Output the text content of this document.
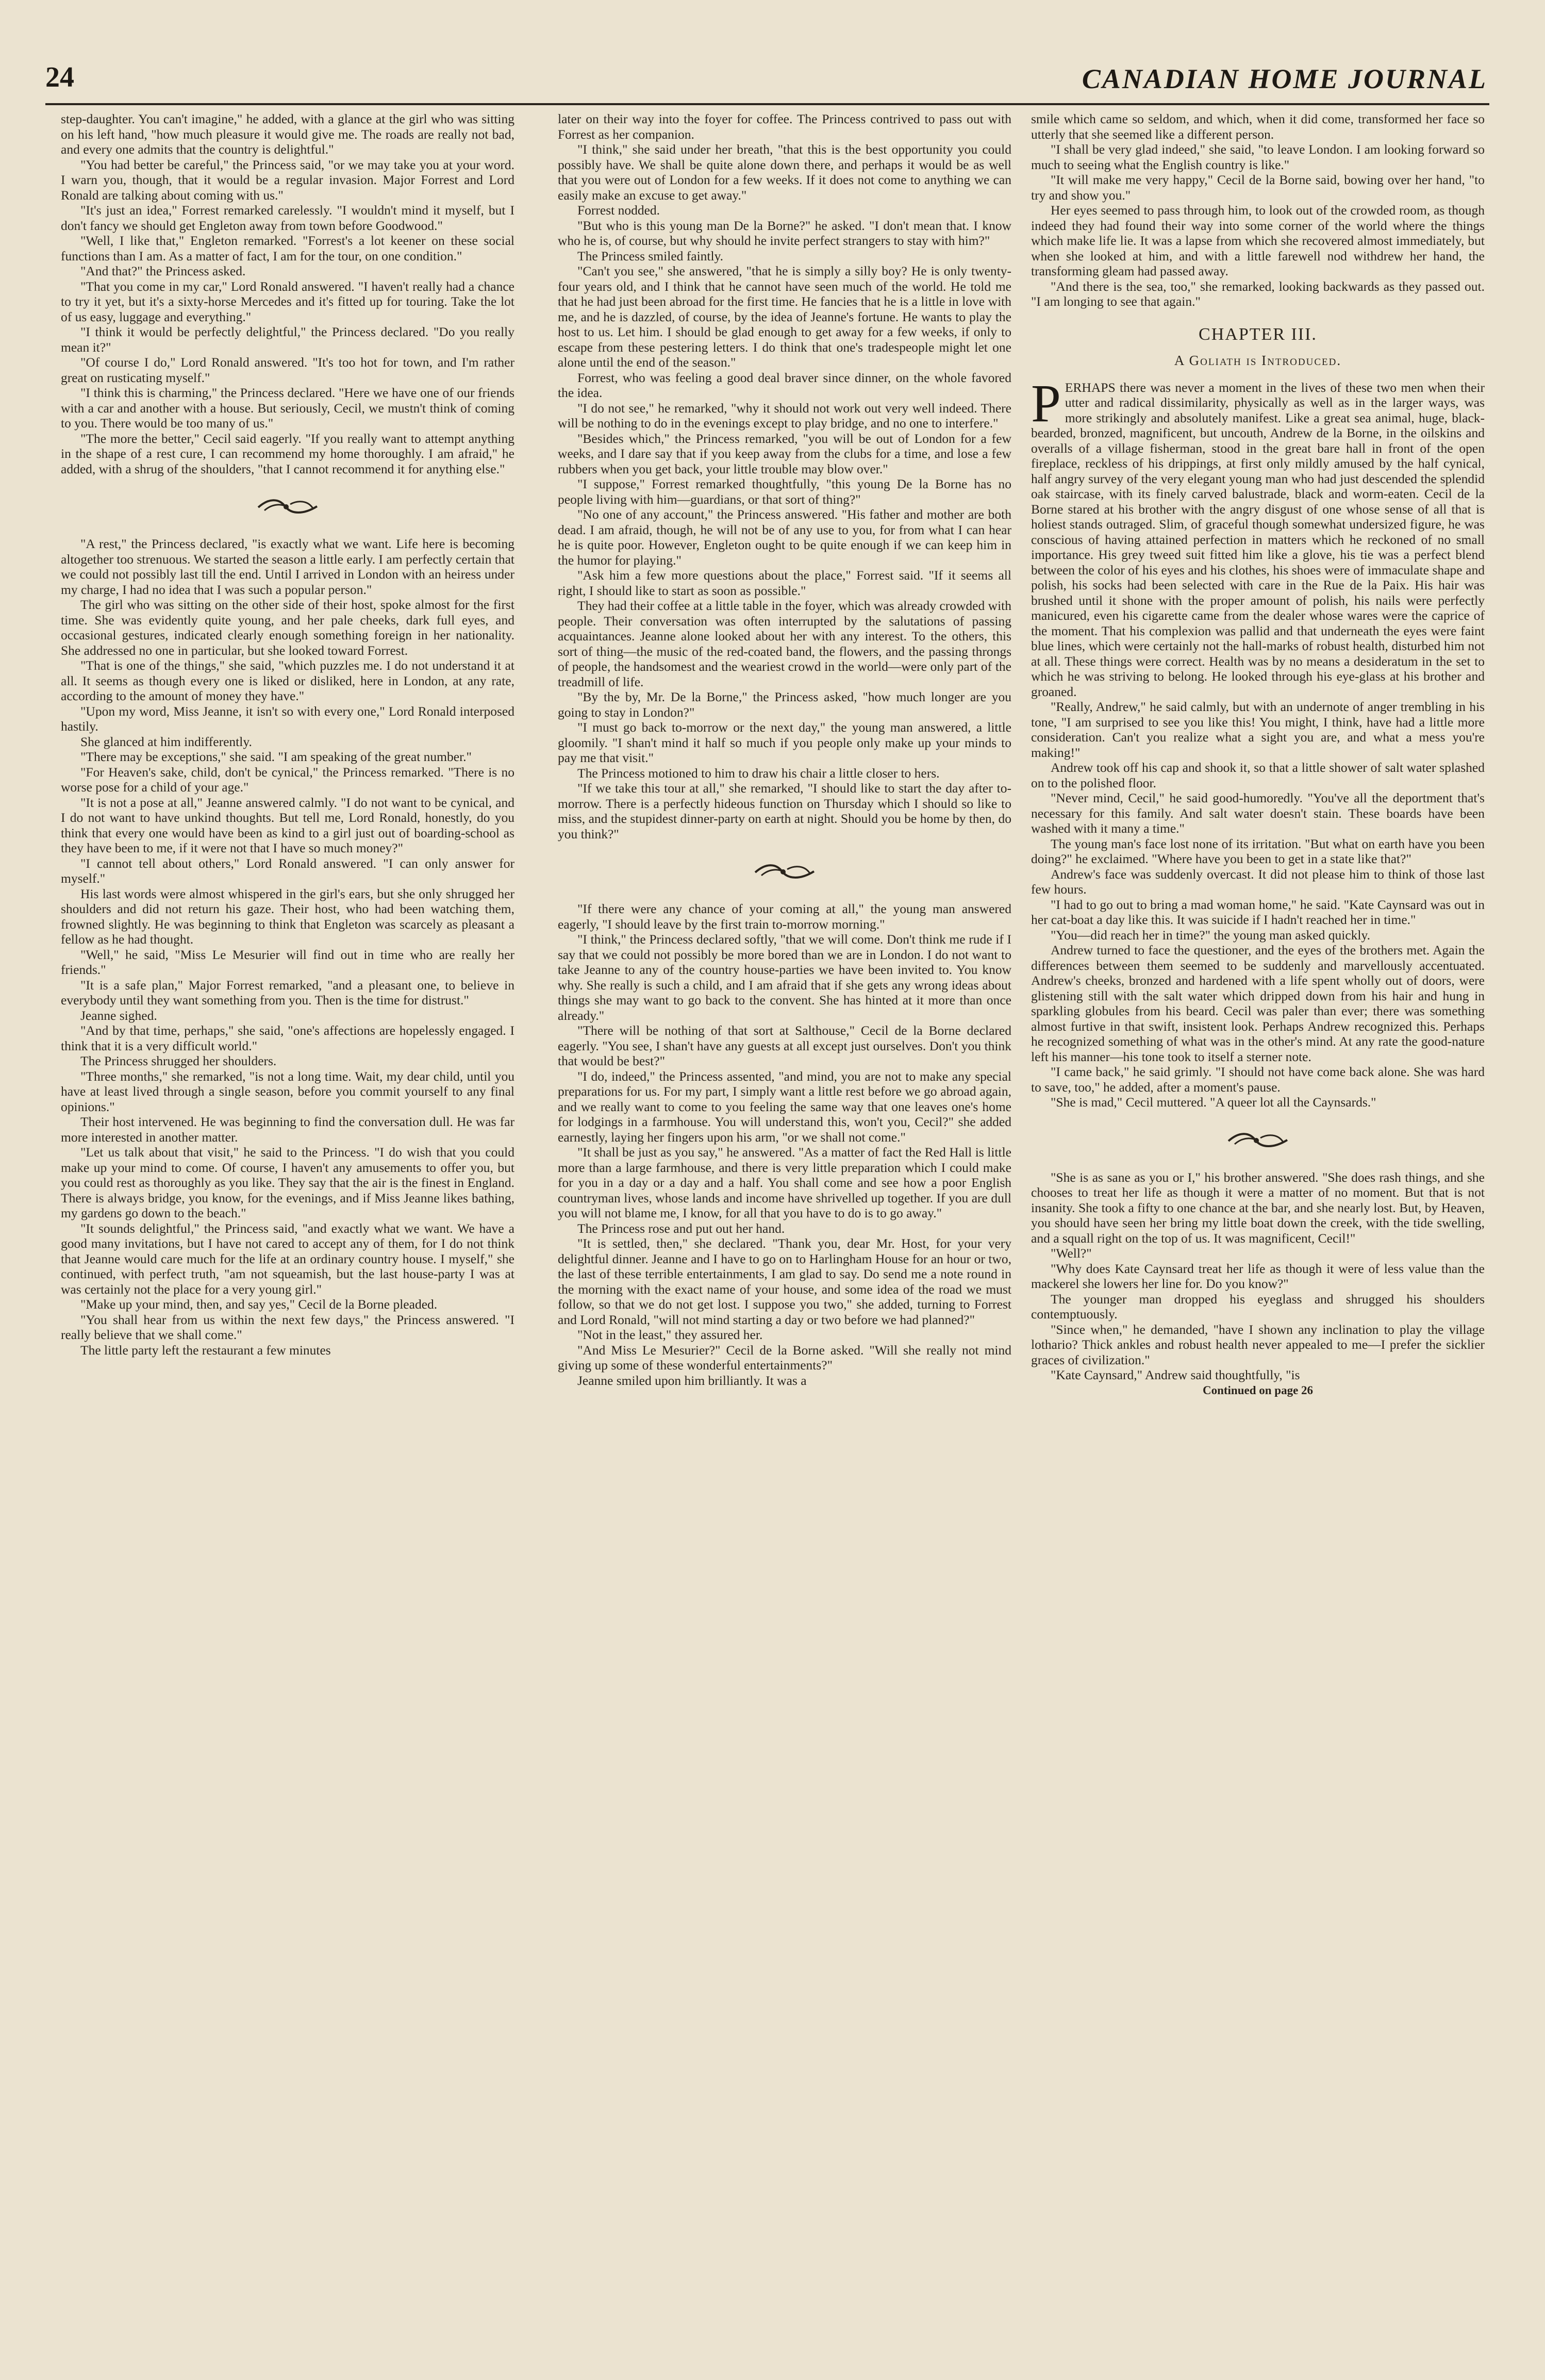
24	CANADIAN HOME JOURNAL

step-daughter. You can't imagine," he added, with a glance at the girl who was sitting on his left hand, "how much pleasure it would give me. The roads are really not bad, and every one admits that the country is delightful."

"You had better be careful," the Princess said, "or we may take you at your word. I warn you, though, that it would be a regular invasion. Major Forrest and Lord Ronald are talking about coming with us."

"It's just an idea," Forrest remarked carelessly. "I wouldn't mind it myself, but I don't fancy we should get Engleton away from town before Goodwood."

"Well, I like that," Engleton remarked. "Forrest's a lot keener on these social functions than I am. As a matter of fact, I am for the tour, on one condition."

"And that?" the Princess asked.

"That you come in my car," Lord Ronald answered. "I haven't really had a chance to try it yet, but it's a sixty-horse Mercedes and it's fitted up for touring. Take the lot of us easy, luggage and everything."

"I think it would be perfectly delightful," the Princess declared. "Do you really mean it?"

"Of course I do," Lord Ronald answered. "It's too hot for town, and I'm rather great on rusticating myself."

"I think this is charming," the Princess declared. "Here we have one of our friends with a car and another with a house. But seriously, Cecil, we mustn't think of coming to you. There would be too many of us."

"The more the better," Cecil said eagerly. "If you really want to attempt anything in the shape of a rest cure, I can recommend my home thoroughly. I am afraid," he added, with a shrug of the shoulders, "that I cannot recommend it for anything else."

"A rest," the Princess declared, "is exactly what we want. Life here is becoming altogether too strenuous. We started the season a little early. I am perfectly certain that we could not possibly last till the end. Until I arrived in London with an heiress under my charge, I had no idea that I was such a popular person."

The girl who was sitting on the other side of their host, spoke almost for the first time. She was evidently quite young, and her pale cheeks, dark full eyes, and occasional gestures, indicated clearly enough something foreign in her nationality. She addressed no one in particular, but she looked toward Forrest.

"That is one of the things," she said, "which puzzles me. I do not understand it at all. It seems as though every one is liked or disliked, here in London, at any rate, according to the amount of money they have."

"Upon my word, Miss Jeanne, it isn't so with every one," Lord Ronald interposed hastily.

She glanced at him indifferently.

"There may be exceptions," she said. "I am speaking of the great number."

"For Heaven's sake, child, don't be cynical," the Princess remarked. "There is no worse pose for a child of your age."

"It is not a pose at all," Jeanne answered calmly. "I do not want to be cynical, and I do not want to have unkind thoughts. But tell me, Lord Ronald, honestly, do you think that every one would have been as kind to a girl just out of boarding-school as they have been to me, if it were not that I have so much money?"

"I cannot tell about others," Lord Ronald answered. "I can only answer for myself."

His last words were almost whispered in the girl's ears, but she only shrugged her shoulders and did not return his gaze. Their host, who had been watching them, frowned slightly. He was beginning to think that Engleton was scarcely as pleasant a fellow as he had thought.

"Well," he said, "Miss Le Mesurier will find out in time who are really her friends."

"It is a safe plan," Major Forrest remarked, "and a pleasant one, to believe in everybody until they want something from you. Then is the time for distrust."

Jeanne sighed.

"And by that time, perhaps," she said, "one's affections are hopelessly engaged. I think that it is a very difficult world."

The Princess shrugged her shoulders.

"Three months," she remarked, "is not a long time. Wait, my dear child, until you have at least lived through a single season, before you commit yourself to any final opinions."

Their host intervened. He was beginning to find the conversation dull. He was far more interested in another matter.

"Let us talk about that visit," he said to the Princess. "I do wish that you could make up your mind to come. Of course, I haven't any amusements to offer you, but you could rest as thoroughly as you like. They say that the air is the finest in England. There is always bridge, you know, for the evenings, and if Miss Jeanne likes bathing, my gardens go down to the beach."

"It sounds delightful," the Princess said, "and exactly what we want. We have a good many invitations, but I have not cared to accept any of them, for I do not think that Jeanne would care much for the life at an ordinary country house. I myself," she continued, with perfect truth, "am not squeamish, but the last house-party I was at was certainly not the place for a very young girl."

"Make up your mind, then, and say yes," Cecil de la Borne pleaded.

"You shall hear from us within the next few days," the Princess answered. "I really believe that we shall come."

The little party left the restaurant a few minutes

later on their way into the foyer for coffee. The Princess contrived to pass out with Forrest as her companion.

"I think," she said under her breath, "that this is the best opportunity you could possibly have. We shall be quite alone down there, and perhaps it would be as well that you were out of London for a few weeks. If it does not come to anything we can easily make an excuse to get away."

Forrest nodded.

"But who is this young man De la Borne?" he asked. "I don't mean that. I know who he is, of course, but why should he invite perfect strangers to stay with him?"

The Princess smiled faintly.

"Can't you see," she answered, "that he is simply a silly boy? He is only twenty-four years old, and I think that he cannot have seen much of the world. He told me that he had just been abroad for the first time. He fancies that he is a little in love with me, and he is dazzled, of course, by the idea of Jeanne's fortune. He wants to play the host to us. Let him. I should be glad enough to get away for a few weeks, if only to escape from these pestering letters. I do think that one's tradespeople might let one alone until the end of the season."

Forrest, who was feeling a good deal braver since dinner, on the whole favored the idea.

"I do not see," he remarked, "why it should not work out very well indeed. There will be nothing to do in the evenings except to play bridge, and no one to interfere."

"Besides which," the Princess remarked, "you will be out of London for a few weeks, and I dare say that if you keep away from the clubs for a time, and lose a few rubbers when you get back, your little trouble may blow over."

"I suppose," Forrest remarked thoughtfully, "this young De la Borne has no people living with him—guardians, or that sort of thing?"

"No one of any account," the Princess answered. "His father and mother are both dead. I am afraid, though, he will not be of any use to you, for from what I can hear he is quite poor. However, Engleton ought to be quite enough if we can keep him in the humor for playing."

"Ask him a few more questions about the place," Forrest said. "If it seems all right, I should like to start as soon as possible."

They had their coffee at a little table in the foyer, which was already crowded with people. Their conversation was often interrupted by the salutations of passing acquaintances. Jeanne alone looked about her with any interest. To the others, this sort of thing—the music of the red-coated band, the flowers, and the passing throngs of people, the handsomest and the weariest crowd in the world—were only part of the treadmill of life.

"By the by, Mr. De la Borne," the Princess asked, "how much longer are you going to stay in London?"

"I must go back to-morrow or the next day," the young man answered, a little gloomily. "I shan't mind it half so much if you people only make up your minds to pay me that visit."

The Princess motioned to him to draw his chair a little closer to hers.

"If we take this tour at all," she remarked, "I should like to start the day after to-morrow. There is a perfectly hideous function on Thursday which I should so like to miss, and the stupidest dinner-party on earth at night. Should you be home by then, do you think?"

"If there were any chance of your coming at all," the young man answered eagerly, "I should leave by the first train to-morrow morning."

"I think," the Princess declared softly, "that we will come. Don't think me rude if I say that we could not possibly be more bored than we are in London. I do not want to take Jeanne to any of the country house-parties we have been invited to. You know why. She really is such a child, and I am afraid that if she gets any wrong ideas about things she may want to go back to the convent. She has hinted at it more than once already."

"There will be nothing of that sort at Salthouse," Cecil de la Borne declared eagerly. "You see, I shan't have any guests at all except just ourselves. Don't you think that would be best?"

"I do, indeed," the Princess assented, "and mind, you are not to make any special preparations for us. For my part, I simply want a little rest before we go abroad again, and we really want to come to you feeling the same way that one leaves one's home for lodgings in a farmhouse. You will understand this, won't you, Cecil?" she added earnestly, laying her fingers upon his arm, "or we shall not come."

"It shall be just as you say," he answered. "As a matter of fact the Red Hall is little more than a large farmhouse, and there is very little preparation which I could make for you in a day or a day and a half. You shall come and see how a poor English countryman lives, whose lands and income have shrivelled up together. If you are dull you will not blame me, I know, for all that you have to do is to go away."

The Princess rose and put out her hand.

"It is settled, then," she declared. "Thank you, dear Mr. Host, for your very delightful dinner. Jeanne and I have to go on to Harlingham House for an hour or two, the last of these terrible entertainments, I am glad to say. Do send me a note round in the morning with the exact name of your house, and some idea of the road we must follow, so that we do not get lost. I suppose you two," she added, turning to Forrest and Lord Ronald, "will not mind starting a day or two before we had planned?"

"Not in the least," they assured her.

"And Miss Le Mesurier?" Cecil de la Borne asked. "Will she really not mind giving up some of these wonderful entertainments?"

Jeanne smiled upon him brilliantly. It was a

smile which came so seldom, and which, when it did come, transformed her face so utterly that she seemed like a different person.

"I shall be very glad indeed," she said, "to leave London. I am looking forward so much to seeing what the English country is like."

"It will make me very happy," Cecil de la Borne said, bowing over her hand, "to try and show you."

Her eyes seemed to pass through him, to look out of the crowded room, as though indeed they had found their way into some corner of the world where the things which make life lie. It was a lapse from which she recovered almost immediately, but when she looked at him, and with a little farewell nod withdrew her hand, the transforming gleam had passed away.

"And there is the sea, too," she remarked, looking backwards as they passed out. "I am longing to see that again."

CHAPTER III.
A Goliath is Introduced.

PERHAPS there was never a moment in the lives of these two men when their utter and radical dissimilarity, physically as well as in the larger ways, was more strikingly and absolutely manifest. Like a great sea animal, huge, black-bearded, bronzed, magnificent, but uncouth, Andrew de la Borne, in the oilskins and overalls of a village fisherman, stood in the great bare hall in front of the open fireplace, reckless of his drippings, at first only mildly amused by the half cynical, half angry survey of the very elegant young man who had just descended the splendid oak staircase, with its finely carved balustrade, black and worm-eaten. Cecil de la Borne stared at his brother with the angry disgust of one whose sense of all that is holiest stands outraged. Slim, of graceful though somewhat undersized figure, he was conscious of having attained perfection in matters which he reckoned of no small importance. His grey tweed suit fitted him like a glove, his tie was a perfect blend between the color of his eyes and his clothes, his shoes were of immaculate shape and polish, his socks had been selected with care in the Rue de la Paix. His hair was brushed until it shone with the proper amount of polish, his nails were perfectly manicured, even his cigarette came from the dealer whose wares were the caprice of the moment. That his complexion was pallid and that underneath the eyes were faint blue lines, which were certainly not the hall-marks of robust health, disturbed him not at all. These things were correct. Health was by no means a desideratum in the set to which he was striving to belong. He looked through his eye-glass at his brother and groaned.

"Really, Andrew," he said calmly, but with an undernote of anger trembling in his tone, "I am surprised to see you like this! You might, I think, have had a little more consideration. Can't you realize what a sight you are, and what a mess you're making!"

Andrew took off his cap and shook it, so that a little shower of salt water splashed on to the polished floor.

"Never mind, Cecil," he said good-humoredly. "You've all the deportment that's necessary for this family. And salt water doesn't stain. These boards have been washed with it many a time."

The young man's face lost none of its irritation. "But what on earth have you been doing?" he exclaimed. "Where have you been to get in a state like that?"

Andrew's face was suddenly overcast. It did not please him to think of those last few hours.

"I had to go out to bring a mad woman home," he said. "Kate Caynsard was out in her cat-boat a day like this. It was suicide if I hadn't reached her in time."

"You—did reach her in time?" the young man asked quickly.

Andrew turned to face the questioner, and the eyes of the brothers met. Again the differences between them seemed to be suddenly and marvellously accentuated. Andrew's cheeks, bronzed and hardened with a life spent wholly out of doors, were glistening still with the salt water which dripped down from his hair and hung in sparkling globules from his beard. Cecil was paler than ever; there was something almost furtive in that swift, insistent look. Perhaps Andrew recognized this. Perhaps he recognized something of what was in the other's mind. At any rate the good-nature left his manner—his tone took to itself a sterner note.

"I came back," he said grimly. "I should not have come back alone. She was hard to save, too," he added, after a moment's pause.

"She is mad," Cecil muttered. "A queer lot all the Caynsards."

"She is as sane as you or I," his brother answered. "She does rash things, and she chooses to treat her life as though it were a matter of no moment. But that is not insanity. She took a fifty to one chance at the bar, and she nearly lost. But, by Heaven, you should have seen her bring my little boat down the creek, with the tide swelling, and a squall right on the top of us. It was magnificent, Cecil!"

"Well?"

"Why does Kate Caynsard treat her life as though it were of less value than the mackerel she lowers her line for. Do you know?"

The younger man dropped his eyeglass and shrugged his shoulders contemptuously.

"Since when," he demanded, "have I shown any inclination to play the village lothario? Thick ankles and robust health never appealed to me—I prefer the sicklier graces of civilization."

"Kate Caynsard," Andrew said thoughtfully, "is

Continued on page 26
